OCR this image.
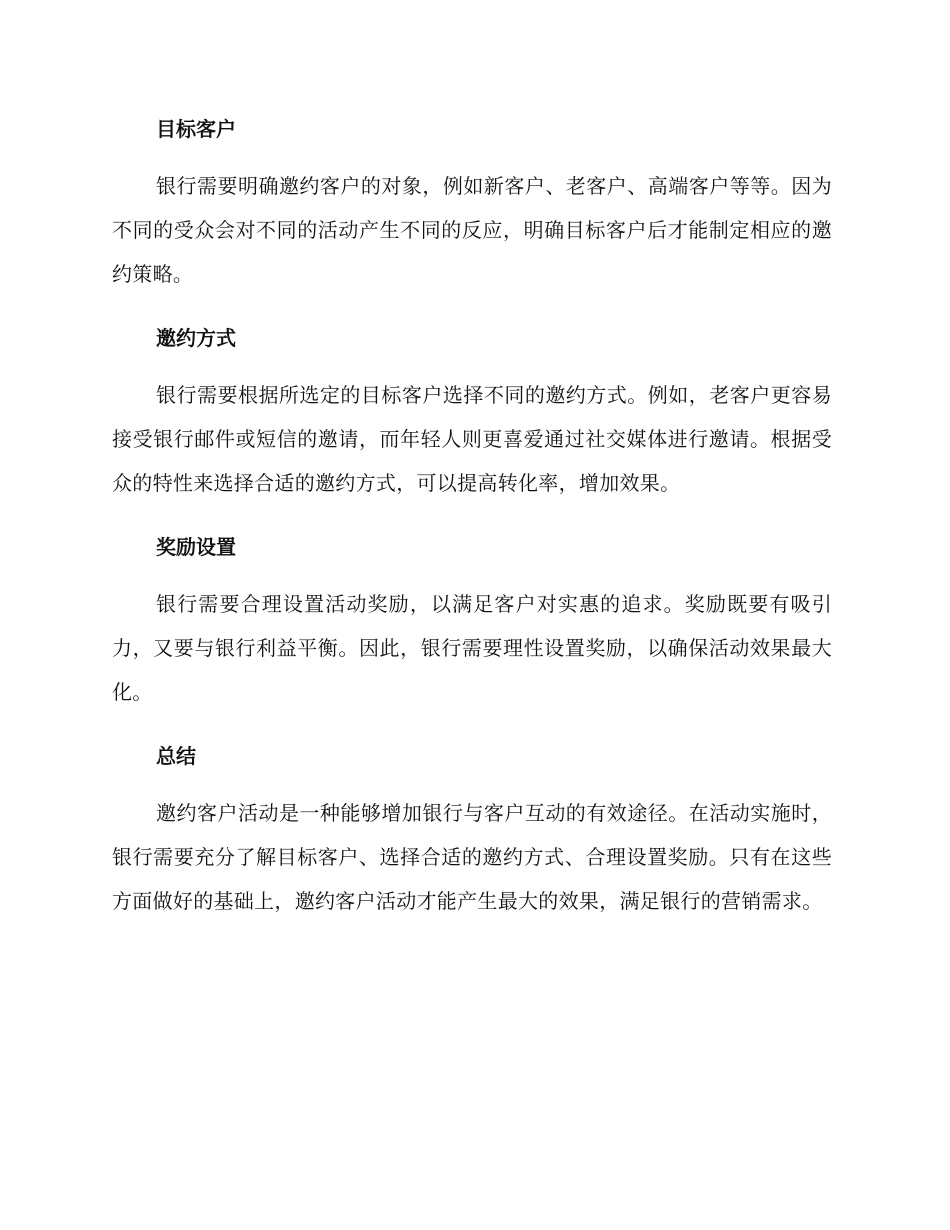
目标客户

银行需要明确邀约客户的对象，例如新客户、老客户、高端客户等等。因为不同的受众会对不同的活动产生不同的反应，明确目标客户后才能制定相应的邀约策略。

邀约方式

银行需要根据所选定的目标客户选择不同的邀约方式。例如，老客户更容易接受银行邮件或短信的邀请，而年轻人则更喜爱通过社交媒体进行邀请。根据受众的特性来选择合适的邀约方式，可以提高转化率，增加效果。

奖励设置

银行需要合理设置活动奖励，以满足客户对实惠的追求。奖励既要有吸引力，又要与银行利益平衡。因此，银行需要理性设置奖励，以确保活动效果最大化。

总结

邀约客户活动是一种能够增加银行与客户互动的有效途径。在活动实施时，银行需要充分了解目标客户、选择合适的邀约方式、合理设置奖励。只有在这些方面做好的基础上，邀约客户活动才能产生最大的效果，满足银行的营销需求。
